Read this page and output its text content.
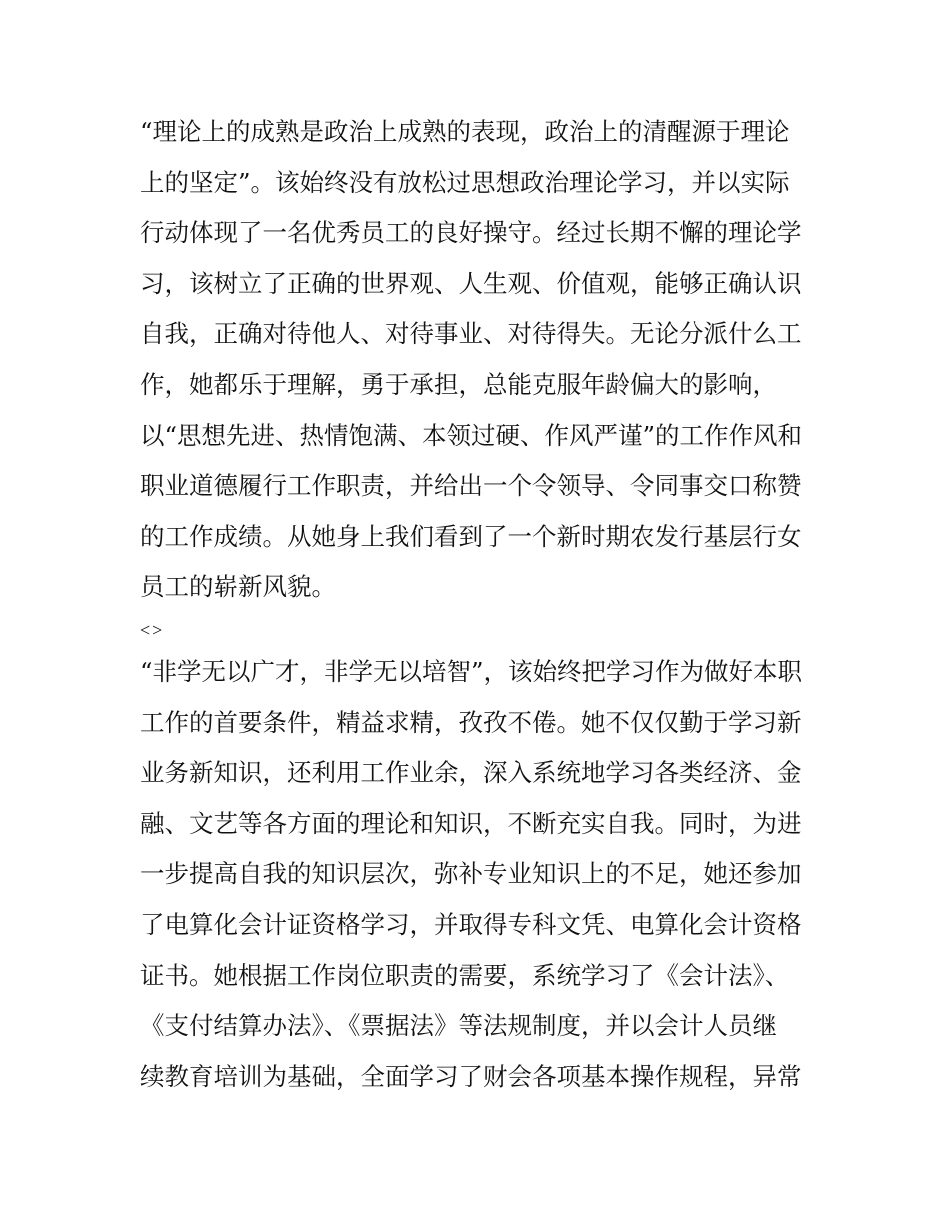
“理论上的成熟是政治上成熟的表现，政治上的清醒源于理论
上的坚定”。该始终没有放松过思想政治理论学习，并以实际
行动体现了一名优秀员工的良好操守。经过长期不懈的理论学
习，该树立了正确的世界观、人生观、价值观，能够正确认识
自我，正确对待他人、对待事业、对待得失。无论分派什么工
作，她都乐于理解，勇于承担，总能克服年龄偏大的影响，
以“思想先进、热情饱满、本领过硬、作风严谨”的工作作风和
职业道德履行工作职责，并给出一个令领导、令同事交口称赞
的工作成绩。从她身上我们看到了一个新时期农发行基层行女
员工的崭新风貌。
<>
“非学无以广才，非学无以培智”，该始终把学习作为做好本职
工作的首要条件，精益求精，孜孜不倦。她不仅仅勤于学习新
业务新知识，还利用工作业余，深入系统地学习各类经济、金
融、文艺等各方面的理论和知识，不断充实自我。同时，为进
一步提高自我的知识层次，弥补专业知识上的不足，她还参加
了电算化会计证资格学习，并取得专科文凭、电算化会计资格
证书。她根据工作岗位职责的需要，系统学习了《会计法》、
《支付结算办法》、《票据法》等法规制度，并以会计人员继
续教育培训为基础，全面学习了财会各项基本操作规程，异常
